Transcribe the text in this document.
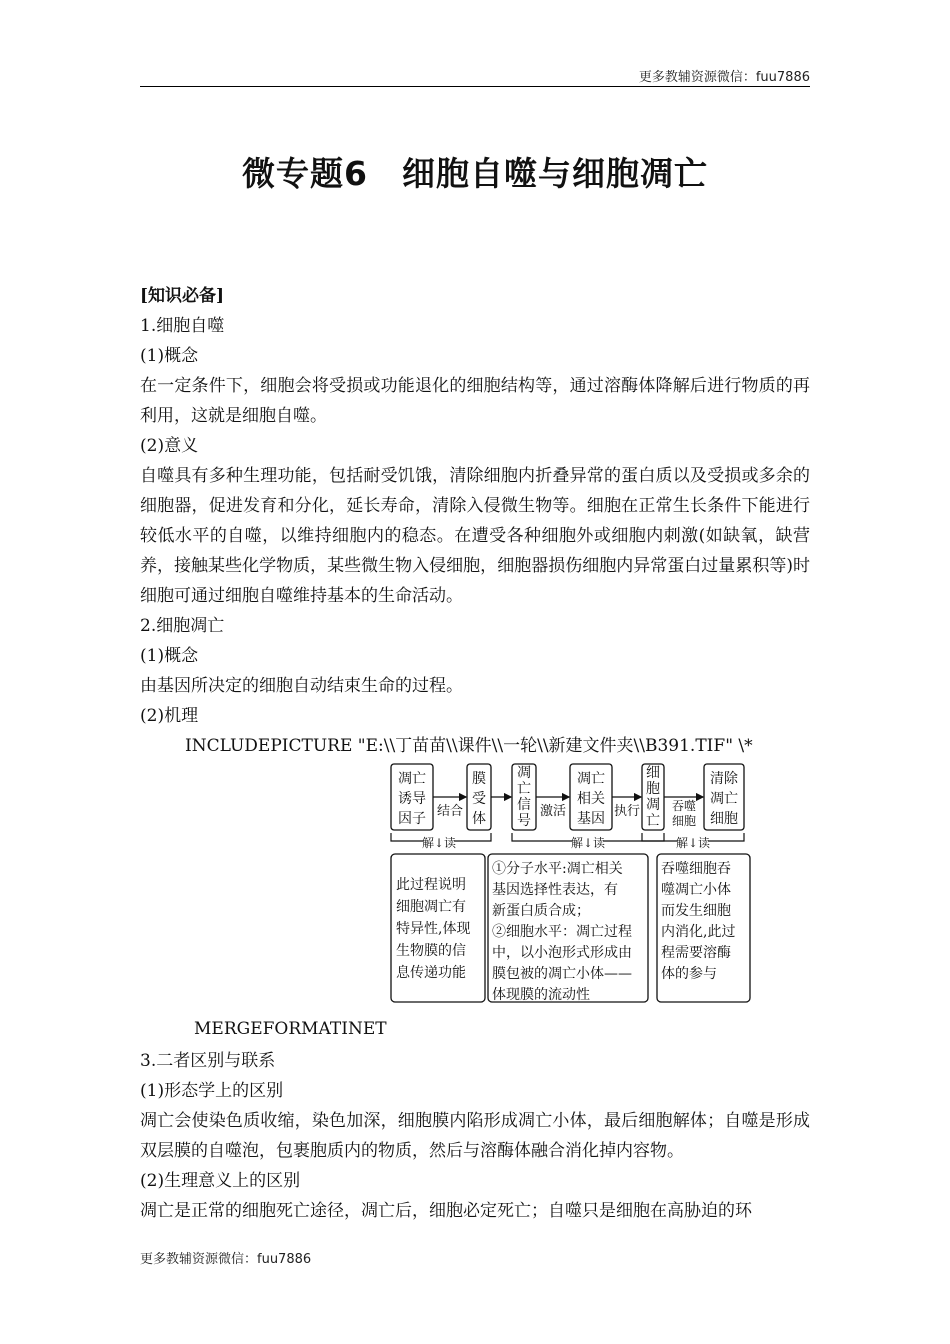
更多教辅资源微信：fuu7886
微专题6　细胞自噬与细胞凋亡

[知识必备]

1.细胞自噬

(1)概念

在一定条件下，细胞会将受损或功能退化的细胞结构等，通过溶酶体降解后进行物质的再利用，这就是细胞自噬。

(2)意义

自噬具有多种生理功能，包括耐受饥饿，清除细胞内折叠异常的蛋白质以及受损或多余的细胞器，促进发育和分化，延长寿命，清除入侵微生物等。细胞在正常生长条件下能进行较低水平的自噬，以维持细胞内的稳态。在遭受各种细胞外或细胞内刺激(如缺氧，缺营养，接触某些化学物质，某些微生物入侵细胞，细胞器损伤细胞内异常蛋白过量累积等)时细胞可通过细胞自噬维持基本的生命活动。

2.细胞凋亡

(1)概念

由基因所决定的细胞自动结束生命的过程。

(2)机理

INCLUDEPICTURE "E:\\丁苗苗\\课件\\一轮\\新建文件夹\\B391.TIF" \*
凋亡
诱导
因子
膜
受
体
凋
亡
信
号
凋亡
相关
基因
细
胞
凋
亡
清除
凋亡
细胞
结合	激活	执行	吞噬
细胞
解↓读	解↓读	解↓读
此过程说明
细胞凋亡有
特异性,体现
生物膜的信
息传递功能
①分子水平:凋亡相关
基因选择性表达，有
新蛋白质合成；
②细胞水平：凋亡过程
中，以小泡形式形成由
膜包被的凋亡小体——
体现膜的流动性
吞噬细胞吞
噬凋亡小体
而发生细胞
内消化,此过
程需要溶酶
体的参与
MERGEFORMATINET

3.二者区别与联系

(1)形态学上的区别

凋亡会使染色质收缩，染色加深，细胞膜内陷形成凋亡小体，最后细胞解体；自噬是形成双层膜的自噬泡，包裹胞质内的物质，然后与溶酶体融合消化掉内容物。

(2)生理意义上的区别

凋亡是正常的细胞死亡途径，凋亡后，细胞必定死亡；自噬只是细胞在高胁迫的环

更多教辅资源微信：fuu7886
